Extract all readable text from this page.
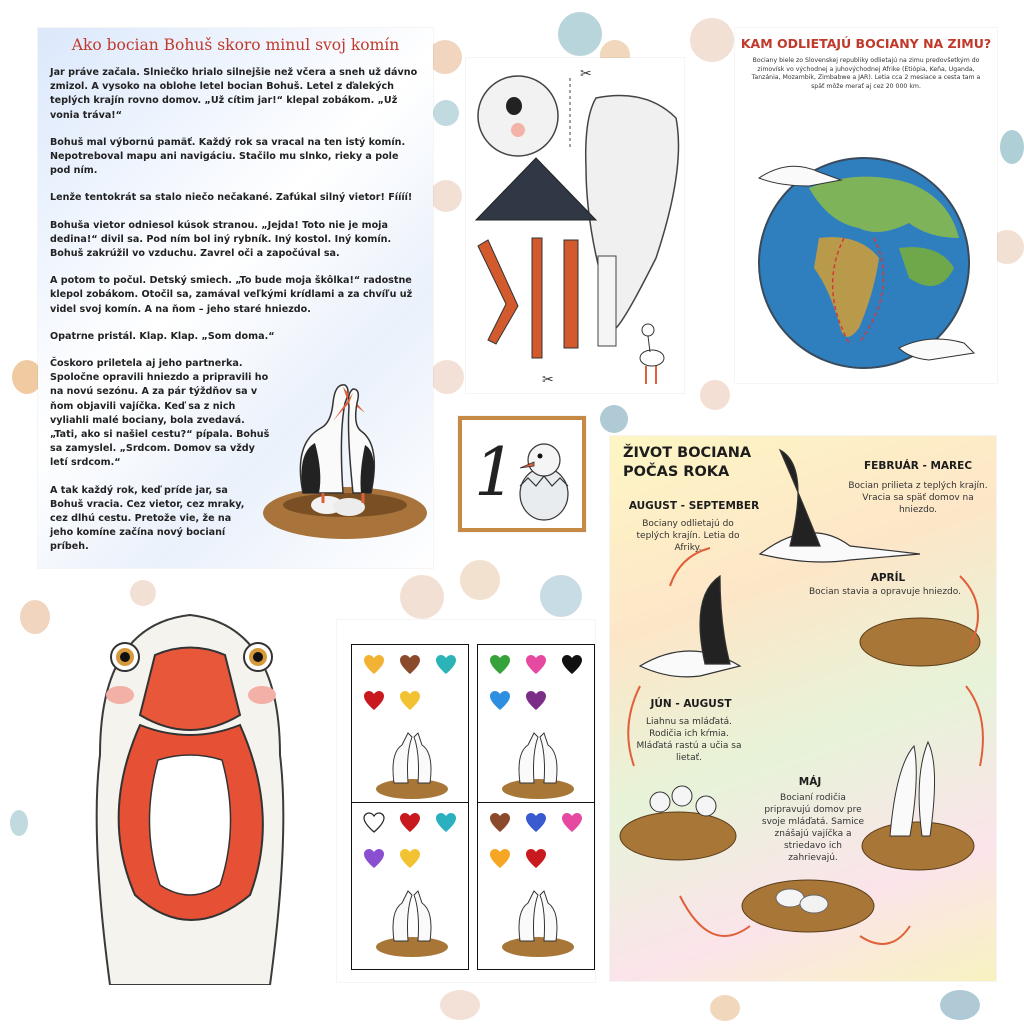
Ako bocian Bohuš skoro minul svoj komín

Jar práve začala. Slniečko hrialo silnejšie než včera a sneh už dávno zmizol. A vysoko na oblohe letel bocian Bohuš. Letel z ďalekých teplých krajín rovno domov. „Už cítim jar!“ klepal zobákom. „Už vonia tráva!“

Bohuš mal výbornú pamäť. Každý rok sa vracal na ten istý komín. Nepotreboval mapu ani navigáciu. Stačilo mu slnko, rieky a pole pod ním.

Lenže tentokrát sa stalo niečo nečakané. Zafúkal silný vietor! Fíííí!

Bohuša vietor odniesol kúsok stranou. „Jejda! Toto nie je moja dedina!“ divil sa. Pod ním bol iný rybník. Iný kostol. Iný komín. Bohuš zakrúžil vo vzduchu. Zavrel oči a započúval sa.

A potom to počul. Detský smiech. „To bude moja škôlka!“ radostne klepol zobákom. Otočil sa, zamával veľkými krídlami a za chvíľu už videl svoj komín. A na ňom – jeho staré hniezdo.

Opatrne pristál. Klap. Klap. „Som doma.“

Čoskoro priletela aj jeho partnerka. Spoločne opravili hniezdo a pripravili ho na novú sezónu. A za pár týždňov sa v ňom objavili vajíčka. Keď sa z nich vyliahli malé bociany, bola zvedavá. „Tati, ako si našiel cestu?“ pípala. Bohuš sa zamyslel. „Srdcom. Domov sa vždy letí srdcom.“

A tak každý rok, keď príde jar, sa Bohuš vracia. Cez vietor, cez mraky, cez dlhú cestu. Pretože vie, že na jeho komíne začína nový bocianí príbeh.

✂
✂
KAM ODLIETAJÚ BOCIANY NA ZIMU?
Bociany biele zo Slovenskej republiky odlietajú na zimu predovšetkým do zimovísk vo východnej a juhovýchodnej Afrike (Etiópia, Keňa, Uganda, Tanzánia, Mozambik, Zimbabwe a JAR). Letia cca 2 mesiace a cesta tam a späť môže merať aj cez 20 000 km.
1	ŽIVOT BOCIANA
POČAS ROKA	FEBRUÁR - MAREC
Bocian prilieta z teplých krajín. Vracia sa späť domov na hniezdo.
APRÍL
Bocian stavia a opravuje hniezdo.
MÁJ
Bocianí rodičia pripravujú domov pre svoje mláďatá. Samice znášajú vajíčka a striedavo ich zahrievajú.
JÚN - AUGUST
Liahnu sa mláďatá. Rodičia ich kŕmia. Mláďatá rastú a učia sa lietať.
AUGUST - SEPTEMBER
Bociany odlietajú do teplých krajín. Letia do Afriky.
